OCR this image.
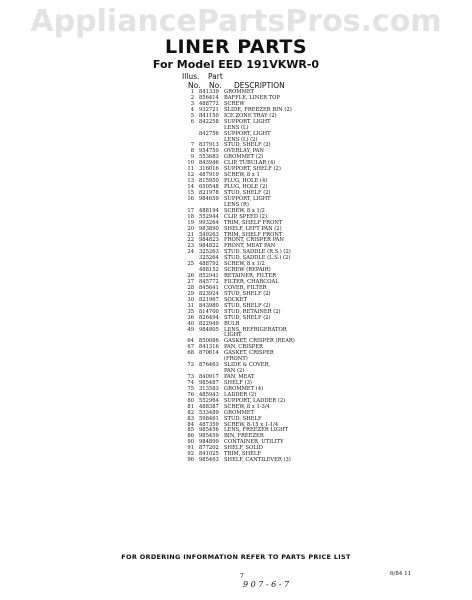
AppliancePartsPros.com
LINER PARTS
For Model EED 191VKWR-0
Illus. Part
No. No. DESCRIPTION
1 841339 GROMMET
2 856414 BAFFLE, LINER TOP
3 488772 SCREW
4 932721 SLIDE, FREEZER BIN (2)
5 841150 ICE ZONE TRAY (2)
6 842258 SUPPORT, LIGHT
LENS (L)
842756 SUPPORT, LIGHT
LENS (L) (2)
7 837913 STUD, SHELF (2)
8 954750 OVERLAY, PAN
9 553683 GROMMET (2)
10 843946 CLIP, TUBULAR (4)
11 316016 SUPPORT, SHELF (2)
12 487919 SCREW, 8 x 1
13 815950 PLUG, HOLE (4)
14 650548 PLUG, HOLE (2)
15 821978 STUD, SHELF (2)
16 984659 SUPPORT, LIGHT
LENS (R)
17 488194 SCREW, 8 x 1/2
18 552944 CLIP, SPEED (2)
19 993264 TRIM, SHELF FRONT
20 983890 SHELF, LEFT PAN (2)
21 549263 TRIM, SHELF FRONT
22 984823 FRONT, CRISPER PAN
23 984822 FRONT, MEAT PAN
24 325263 STUD, SADDLE (R.S.) (2)
325264 STUD, SADDLE (L.S.) (2)
25 488792 SCREW, 8 x 1/2
488152 SCREW (REPAIR)
26 852941 RETAINER, FILTER
27 845772 FILTER, CHARCOAL
28 845641 COVER, FILTER
29 823924 STUD, SHELF (2)
30 821967 SOCKET
31 843980 STUD, SHELF (2)
35 814700 STUD, RETAINER (2)
36 826494 STUD, SHELF (2)
40 822949 BULB
49 984805 LENS, REFRIGERATOR
LIGHT
64 850086 GASKET, CRISPER (REAR)
67 841316 PAN, CRISPER
68 870614 GASKET, CRISPER
(FRONT)
72 876463 SLIDE & COVER,
PAN (2)
73 840917 PAN, MEAT
74 985487 SHELF (3)
75 313583 GROMMET (4)
76 485943 LADDER (2)
80 552964 SUPPORT, LADDER (2)
81 488387 SCREW, 8 x 1-3/4
82 533489 GROMMET
83 598461 STUD, SHELF
84 487359 SCREW, 8-15 x 1-1/4
85 985456 LENS, FREEZER LIGHT
86 985459 BIN, FREEZER
90 984899 CONTAINER, UTILITY
91 877202 SHELF, SOLID
92 841025 TRIM, SHELF
96 985463 SHELF, CANTILEVER (3)
FOR ORDERING INFORMATION REFER TO PARTS PRICE LIST
7	6/84 11
9 0 7 - 6 - 7
